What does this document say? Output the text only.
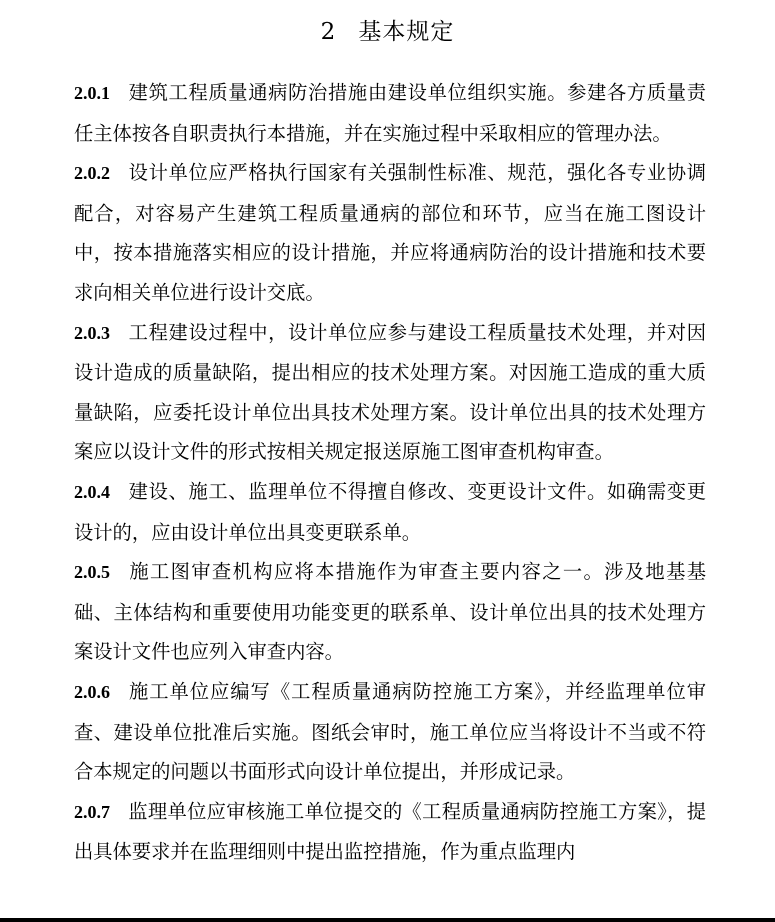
2 基本规定

2.0.1 建筑工程质量通病防治措施由建设单位组织实施。参建各方质量责任主体按各自职责执行本措施，并在实施过程中采取相应的管理办法。

2.0.2 设计单位应严格执行国家有关强制性标准、规范，强化各专业协调配合，对容易产生建筑工程质量通病的部位和环节，应当在施工图设计中，按本措施落实相应的设计措施，并应将通病防治的设计措施和技术要求向相关单位进行设计交底。

2.0.3 工程建设过程中，设计单位应参与建设工程质量技术处理，并对因设计造成的质量缺陷，提出相应的技术处理方案。对因施工造成的重大质量缺陷，应委托设计单位出具技术处理方案。设计单位出具的技术处理方案应以设计文件的形式按相关规定报送原施工图审查机构审查。

2.0.4 建设、施工、监理单位不得擅自修改、变更设计文件。如确需变更设计的，应由设计单位出具变更联系单。

2.0.5 施工图审查机构应将本措施作为审查主要内容之一。涉及地基基础、主体结构和重要使用功能变更的联系单、设计单位出具的技术处理方案设计文件也应列入审查内容。

2.0.6 施工单位应编写《工程质量通病防控施工方案》，并经监理单位审查、建设单位批准后实施。图纸会审时，施工单位应当将设计不当或不符合本规定的问题以书面形式向设计单位提出，并形成记录。

2.0.7 监理单位应审核施工单位提交的《工程质量通病防控施工方案》，提出具体要求并在监理细则中提出监控措施，作为重点监理内
